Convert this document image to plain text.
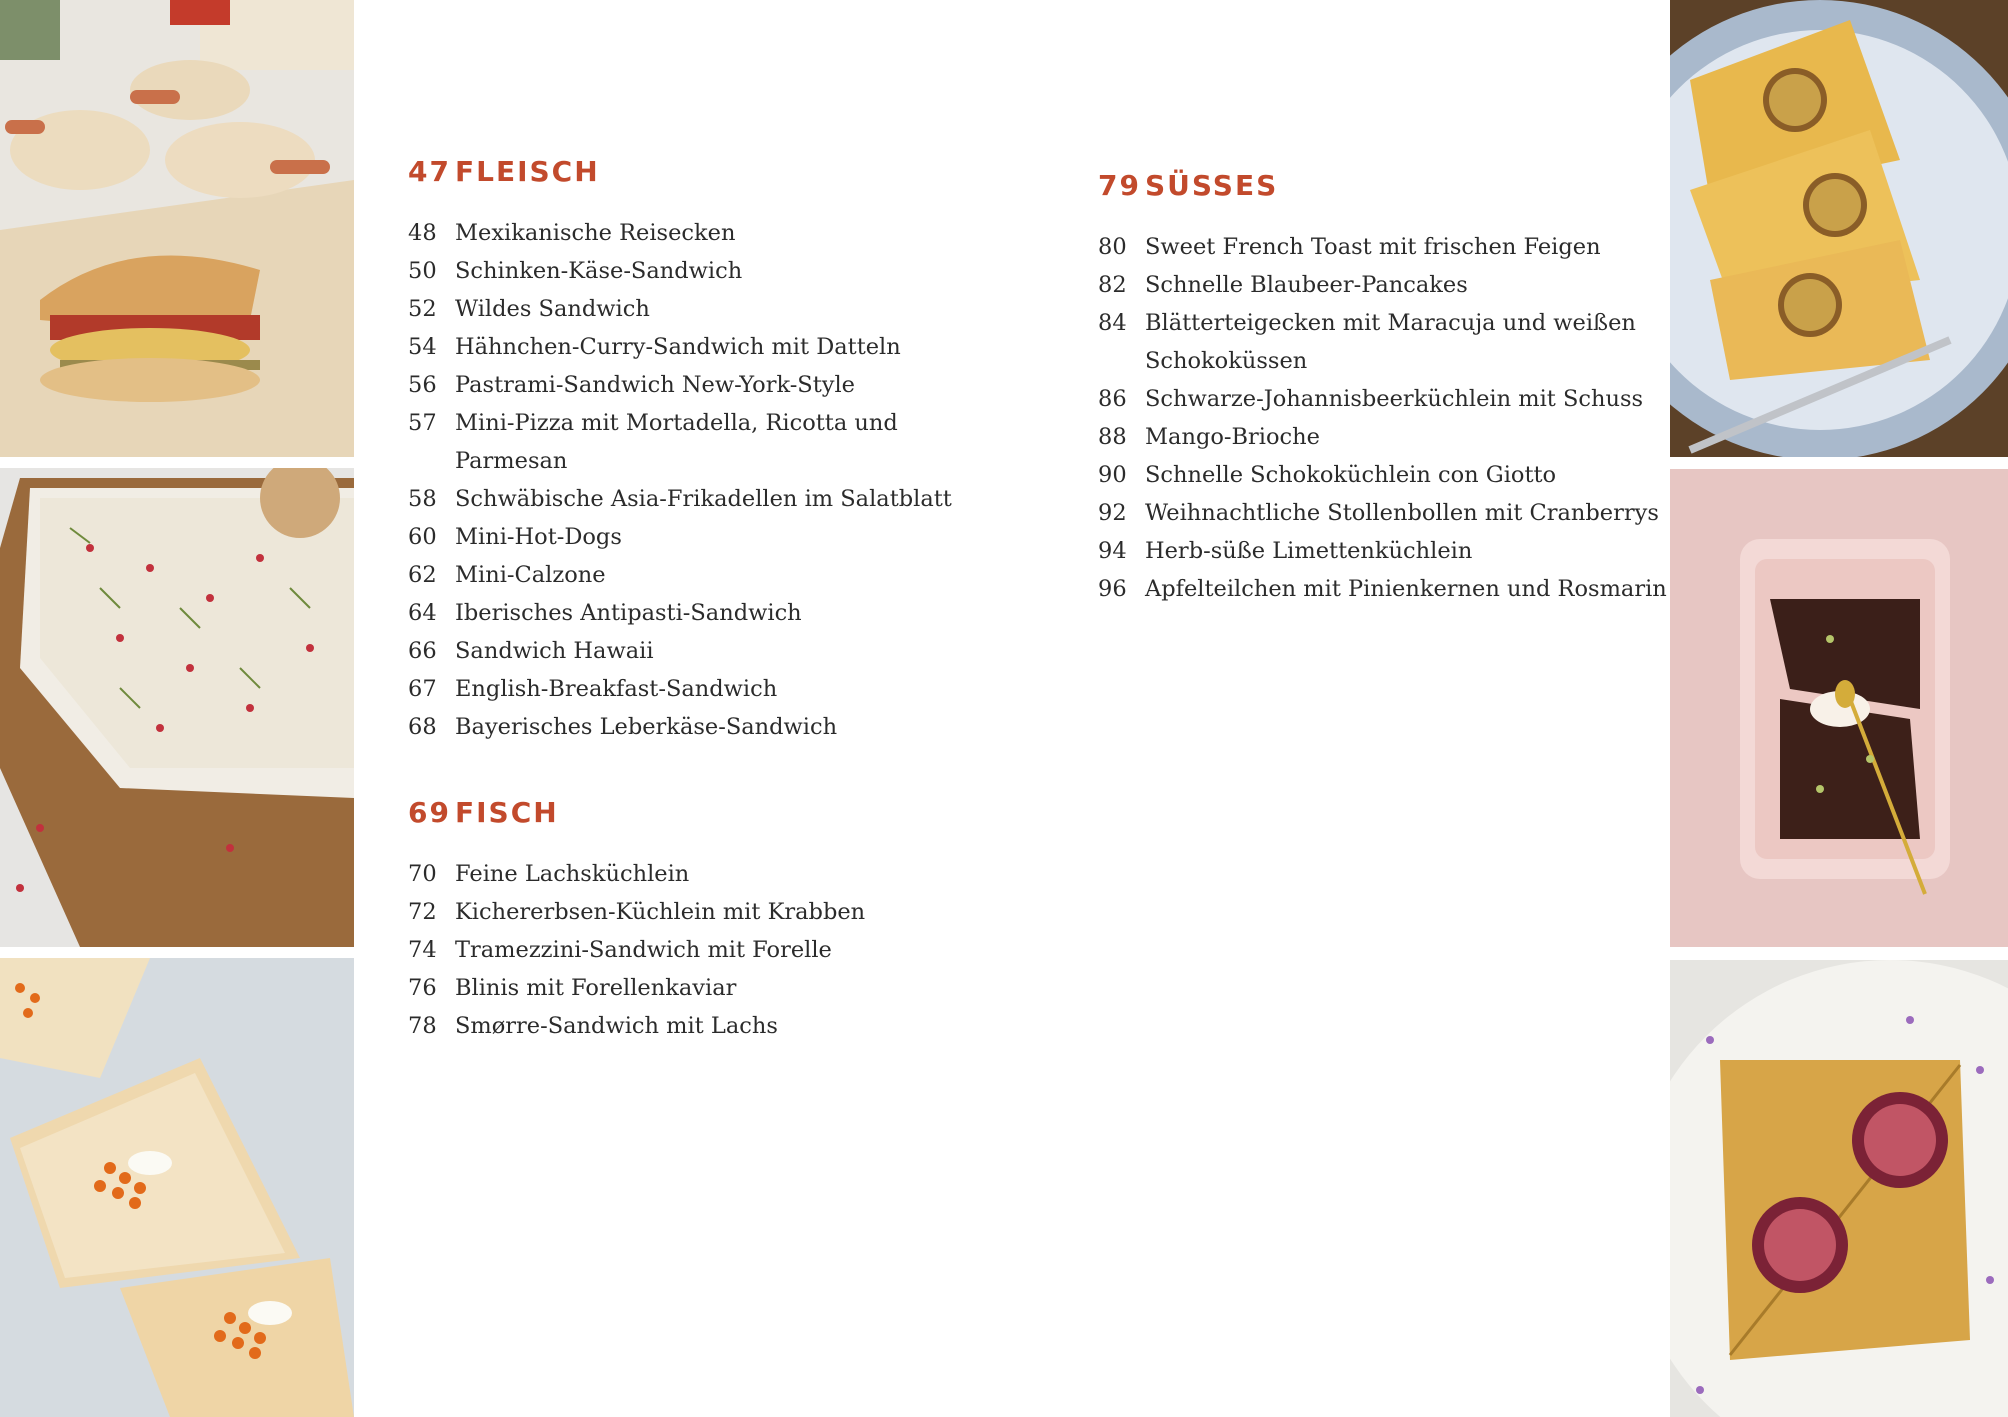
47 FLEISCH
48 Mexikanische Reisecken
50 Schinken-Käse-Sandwich
52 Wildes Sandwich
54 Hähnchen-Curry-Sandwich mit Datteln
56 Pastrami-Sandwich New-York-Style
57 Mini-Pizza mit Mortadella, Ricotta und
Parmesan
58 Schwäbische Asia-Frikadellen im Salatblatt
60 Mini-Hot-Dogs
62 Mini-Calzone
64 Iberisches Antipasti-Sandwich
66 Sandwich Hawaii
67 English-Breakfast-Sandwich
68 Bayerisches Leberkäse-Sandwich
69 FISCH
70 Feine Lachsküchlein
72 Kichererbsen-Küchlein mit Krabben
74 Tramezzini-Sandwich mit Forelle
76 Blinis mit Forellenkaviar
78 Smørre-Sandwich mit Lachs
79 SÜSSES
80 Sweet French Toast mit frischen Feigen
82 Schnelle Blaubeer-Pancakes
84 Blätterteigecken mit Maracuja und weißen
Schokoküssen
86 Schwarze-Johannisbeerküchlein mit Schuss
88 Mango-Brioche
90 Schnelle Schokoküchlein con Giotto
92 Weihnachtliche Stollenbollen mit Cranberrys
94 Herb-süße Limettenküchlein
96 Apfelteilchen mit Pinienkernen und Rosmarin
